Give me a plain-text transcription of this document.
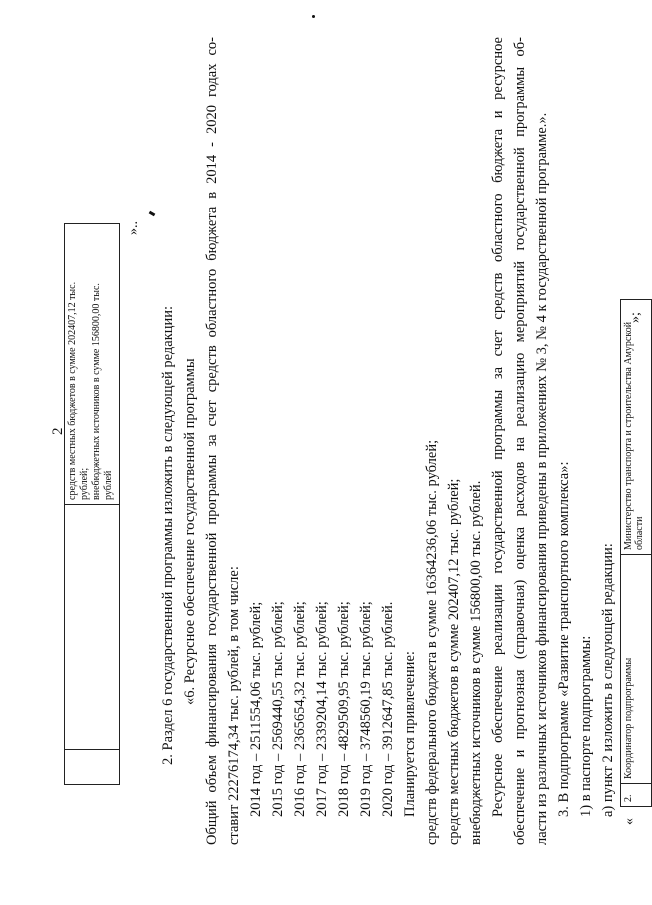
2
		средств местных бюджетов в сумме 202407,12 тыс. рублей; внебюджетных источников в сумме 156800,00 тыс. рублей
»..
2. Раздел 6 государственной программы изложить в следующей редакции: «6. Ресурсное обеспечение государственной программы Общий объем финансирования государственной программы за счет средств областного бюджета в 2014 - 2020 годах со- ставит 22276174,34 тыс. рублей, в том числе: 2014 год – 2511554,06 тыс. рублей; 2015 год – 2569440,55 тыс. рублей; 2016 год – 2365654,32 тыс. рублей; 2017 год – 2339204,14 тыс. рублей; 2018 год – 4829509,95 тыс. рублей; 2019 год – 3748560,19 тыс. рублей; 2020 год – 3912647,85 тыс. рублей. Планируется привлечение: средств федерального бюджета в сумме 16364236,06 тыс. рублей; средств местных бюджетов в сумме 202407,12 тыс. рублей; внебюджетных источников в сумме 156800,00 тыс. рублей. Ресурсное обеспечение реализации государственной программы за счет средств областного бюджета и ресурсное обеспечение и прогнозная (справочная) оценка расходов на реализацию мероприятий государственной программы об- ласти из различных источников финансирования приведены в приложениях № 3, № 4 к государственной программе.». 3. В подпрограмме «Развитие транспортного комплекса»: 1) в паспорте подпрограммы: а) пункт 2 изложить в следующей редакции:
«
2.	Координатор подпрограммы	Министерство транспорта и строительства Амурской области
»;
